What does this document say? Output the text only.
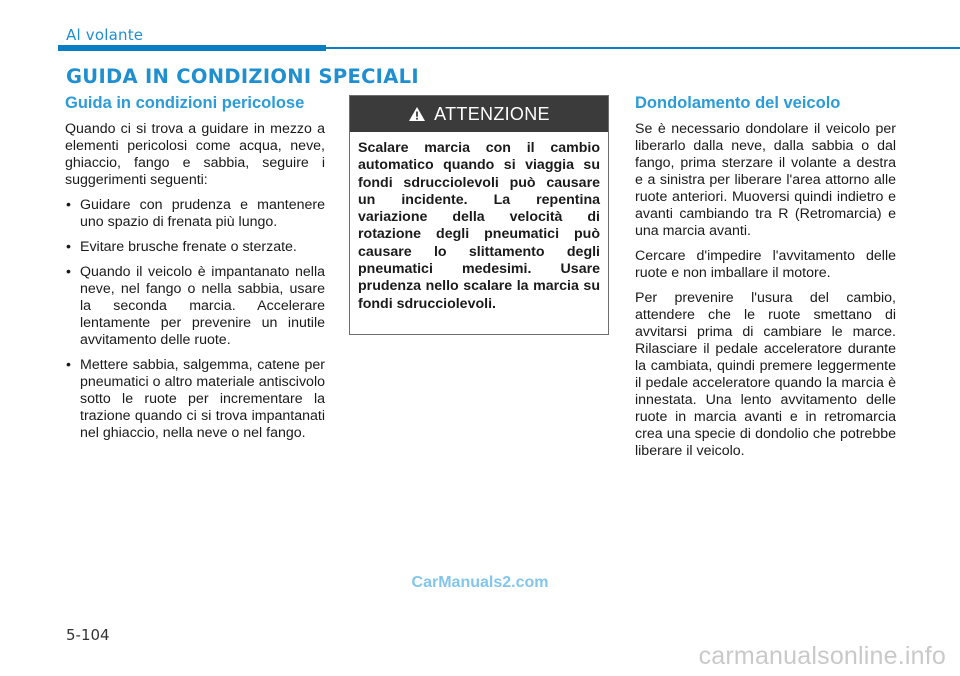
Al volante
GUIDA IN CONDIZIONI SPECIALI
Guida in condizioni pericolose

Quando ci si trova a guidare in mezzo a elementi pericolosi come acqua, neve, ghiaccio, fango e sabbia, seguire i suggerimenti seguenti:

• Guidare con prudenza e mantenere uno spazio di frenata più lungo.
• Evitare brusche frenate o sterzate.
• Quando il veicolo è impantanato nella neve, nel fango o nella sabbia, usare la seconda marcia. Accelerare lentamente per prevenire un inutile avvitamento delle ruote.
• Mettere sabbia, salgemma, catene per pneumatici o altro materiale antiscivolo sotto le ruote per incrementare la trazione quando ci si trova impantanati nel ghiaccio, nella neve o nel fango.
ATTENZIONE
Scalare marcia con il cambio automatico quando si viaggia su fondi sdrucciolevoli può causare un incidente. La repentina variazione della velocità di rotazione degli pneumatici può causare lo slittamento degli pneumatici medesimi. Usare prudenza nello scalare la marcia su fondi sdrucciolevoli.
Dondolamento del veicolo

Se è necessario dondolare il veicolo per liberarlo dalla neve, dalla sabbia o dal fango, prima sterzare il volante a destra e a sinistra per liberare l'area attorno alle ruote anteriori. Muoversi quindi indietro e avanti cambiando tra R (Retromarcia) e una marcia avanti.

Cercare d'impedire l'avvitamento delle ruote e non imballare il motore.

Per prevenire l'usura del cambio, attendere che le ruote smettano di avvitarsi prima di cambiare le marce. Rilasciare il pedale acceleratore durante la cambiata, quindi premere leggermente il pedale acceleratore quando la marcia è innestata. Una lento avvitamento delle ruote in marcia avanti e in retromarcia crea una specie di dondolio che potrebbe liberare il veicolo.

CarManuals2.com
5-104
carmanualsonline.info
